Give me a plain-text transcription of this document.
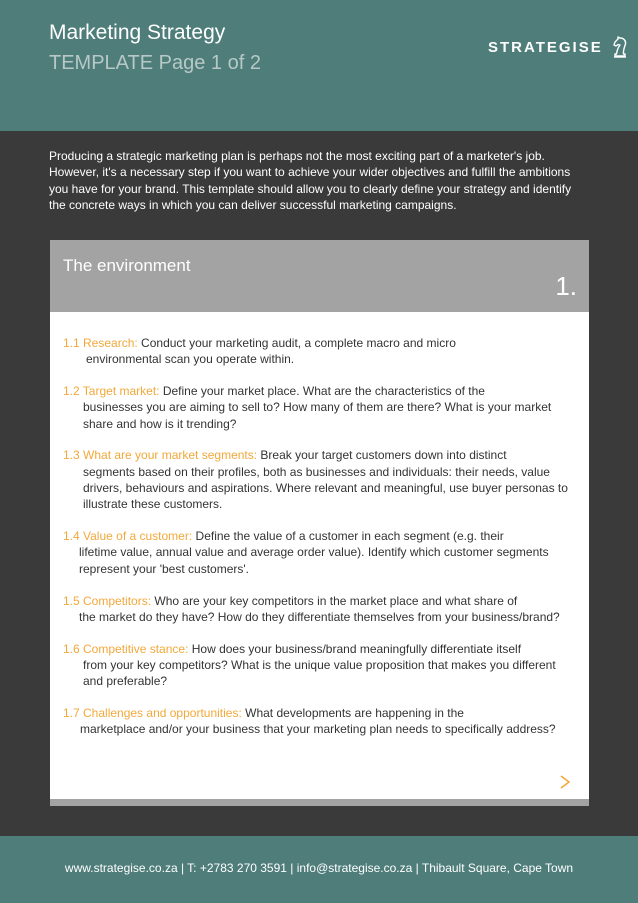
Marketing Strategy
TEMPLATE Page 1 of 2
STRATEGISE

Producing a strategic marketing plan is perhaps not the most exciting part of a marketer's job. However, it's a necessary step if you want to achieve your wider objectives and fulfill the ambitions you have for your brand. This template should allow you to clearly define your strategy and identify the concrete ways in which you can deliver successful marketing campaigns.

The environment
1.
1.1 Research: Conduct your marketing audit, a complete macro and micro
environmental scan you operate within.
1.2 Target market: Define your market place. What are the characteristics of the
businesses you are aiming to sell to? How many of them are there? What is your market share and how is it trending?
1.3 What are your market segments: Break your target customers down into distinct
segments based on their profiles, both as businesses and individuals: their needs, value drivers, behaviours and aspirations. Where relevant and meaningful, use buyer personas to illustrate these customers.
1.4 Value of a customer: Define the value of a customer in each segment (e.g. their
lifetime value, annual value and average order value). Identify which customer segments represent your 'best customers'.
1.5 Competitors: Who are your key competitors in the market place and what share of
the market do they have? How do they differentiate themselves from your business/brand?
1.6 Competitive stance: How does your business/brand meaningfully differentiate itself
from your key competitors? What is the unique value proposition that makes you different and preferable?
1.7 Challenges and opportunities: What developments are happening in the
marketplace and/or your business that your marketing plan needs to specifically address?
www.strategise.co.za | T: +2783 270 3591 | info@strategise.co.za | Thibault Square, Cape Town
